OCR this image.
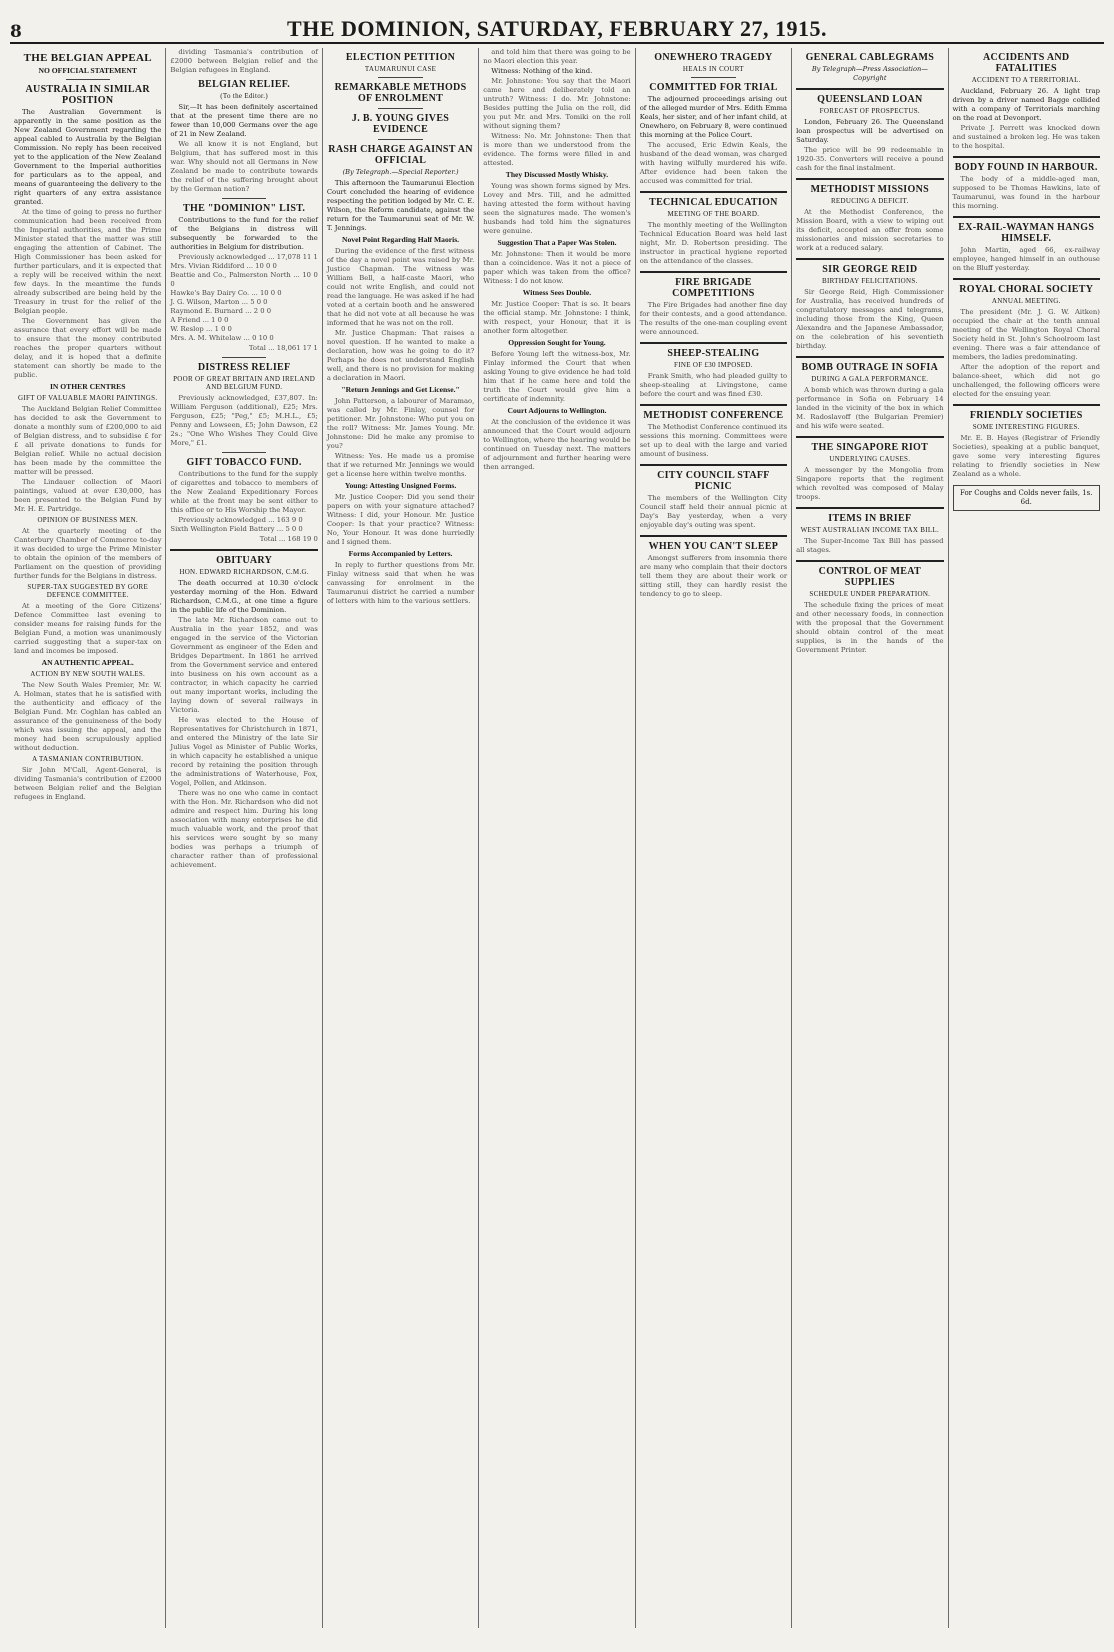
8	THE DOMINION, SATURDAY, FEBRUARY 27, 1915.
THE BELGIAN APPEAL
NO OFFICIAL STATEMENT
AUSTRALIA IN SIMILAR POSITION

The Australian Government is apparently in the same position as the New Zealand Government regarding the appeal cabled to Australia by the Belgian Commission. No reply has been received yet to the application of the New Zealand Government to the Imperial authorities for particulars as to the appeal, and means of guaranteeing the delivery to the right quarters of any extra assistance granted.

At the time of going to press no further communication had been received from the Imperial authorities, and the Prime Minister stated that the matter was still engaging the attention of Cabinet. The High Commissioner has been asked for further particulars, and it is expected that a reply will be received within the next few days. In the meantime the funds already subscribed are being held by the Treasury in trust for the relief of the Belgian people.

The Government has given the assurance that every effort will be made to ensure that the money contributed reaches the proper quarters without delay, and it is hoped that a definite statement can shortly be made to the public.

IN OTHER CENTRES
GIFT OF VALUABLE MAORI PAINTINGS.

The Auckland Belgian Relief Committee has decided to ask the Government to donate a monthly sum of £200,000 to aid of Belgian distress, and to subsidise £ for £ all private donations to funds for Belgian relief. While no actual decision has been made by the committee the matter will be pressed.

The Lindauer collection of Maori paintings, valued at over £30,000, has been presented to the Belgian Fund by Mr. H. E. Partridge.

OPINION OF BUSINESS MEN.

At the quarterly meeting of the Canterbury Chamber of Commerce to-day it was decided to urge the Prime Minister to obtain the opinion of the members of Parliament on the question of providing further funds for the Belgians in distress.

SUPER-TAX SUGGESTED BY GORE DEFENCE COMMITTEE.

At a meeting of the Gore Citizens' Defence Committee last evening to consider means for raising funds for the Belgian Fund, a motion was unanimously carried suggesting that a super-tax on land and incomes be imposed.

AN AUTHENTIC APPEAL.
ACTION BY NEW SOUTH WALES.

The New South Wales Premier, Mr. W. A. Holman, states that he is satisfied with the authenticity and efficacy of the Belgian Fund. Mr. Coghlan has cabled an assurance of the genuineness of the body which was issuing the appeal, and the money had been scrupulously applied without deduction.

A TASMANIAN CONTRIBUTION.

Sir John M'Call, Agent-General, is dividing Tasmania's contribution of £2000 between Belgian relief and the Belgian refugees in England.

dividing Tasmania's contribution of £2000 between Belgian relief and the Belgian refugees in England.

BELGIAN RELIEF.
(To the Editor.)

Sir,—It has been definitely ascertained that at the present time there are no fewer than 10,000 Germans over the age of 21 in New Zealand.

We all know it is not England, but Belgium, that has suffered most in this war. Why should not all Germans in New Zealand be made to contribute towards the relief of the suffering brought about by the German nation?

THE "DOMINION" LIST.

Contributions to the fund for the relief of the Belgians in distress will subsequently be forwarded to the authorities in Belgium for distribution.

Previously acknowledged ... 17,078 11 1
Mrs. Vivian Riddiford ... 10 0 0
Beattie and Co., Palmerston North ... 10 0 0
Hawke's Bay Dairy Co. ... 10 0 0
J. G. Wilson, Marton ... 5 0 0
Raymond E. Burnard ... 2 0 0
A Friend ... 1 0 0
W. Reslop ... 1 0 0
Mrs. A. M. Whitelaw ... 0 10 0

Total ... 18,061 17 1

DISTRESS RELIEF
POOR OF GREAT BRITAIN AND IRELAND AND BELGIUM FUND.

Previously acknowledged, £37,807. In: William Ferguson (additional), £25; Mrs. Ferguson, £25; "Peg," £5; M.H.L., £5; Penny and Lowseen, £5; John Dawson, £2 2s.; "One Who Wishes They Could Give More," £1.

GIFT TOBACCO FUND.

Contributions to the fund for the supply of cigarettes and tobacco to members of the New Zealand Expeditionary Forces while at the front may be sent either to this office or to His Worship the Mayor.

Previously acknowledged ... 163 9 0
Sixth Wellington Field Battery ... 5 0 0

Total ... 168 19 0

OBITUARY
HON. EDWARD RICHARDSON, C.M.G.

The death occurred at 10.30 o'clock yesterday morning of the Hon. Edward Richardson, C.M.G., at one time a figure in the public life of the Dominion.

The late Mr. Richardson came out to Australia in the year 1852, and was engaged in the service of the Victorian Government as engineer of the Eden and Bridges Department. In 1861 he arrived from the Government service and entered into business on his own account as a contractor, in which capacity he carried out many important works, including the laying down of several railways in Victoria.

He was elected to the House of Representatives for Christchurch in 1871, and entered the Ministry of the late Sir Julius Vogel as Minister of Public Works, in which capacity he established a unique record by retaining the position through the administrations of Waterhouse, Fox, Vogel, Pollen, and Atkinson.

There was no one who came in contact with the Hon. Mr. Richardson who did not admire and respect him. During his long association with many enterprises he did much valuable work, and the proof that his services were sought by so many bodies was perhaps a triumph of character rather than of professional achievement.

ELECTION PETITION
TAUMARUNUI CASE
REMARKABLE METHODS OF ENROLMENT
J. B. YOUNG GIVES EVIDENCE
RASH CHARGE AGAINST AN OFFICIAL
(By Telegraph.—Special Reporter.)

This afternoon the Taumarunui Election Court concluded the hearing of evidence respecting the petition lodged by Mr. C. E. Wilson, the Reform candidate, against the return for the Taumarunui seat of Mr. W. T. Jennings.

Novel Point Regarding Half Maoris.

During the evidence of the first witness of the day a novel point was raised by Mr. Justice Chapman. The witness was William Bell, a half-caste Maori, who could not write English, and could not read the language. He was asked if he had voted at a certain booth and he answered that he did not vote at all because he was informed that he was not on the roll.

Mr. Justice Chapman: That raises a novel question. If he wanted to make a declaration, how was he going to do it? Perhaps he does not understand English well, and there is no provision for making a declaration in Maori.

"Return Jennings and Get License."

John Patterson, a labourer of Maramao, was called by Mr. Finlay, counsel for petitioner. Mr. Johnstone: Who put you on the roll? Witness: Mr. James Young. Mr. Johnstone: Did he make any promise to you?

Witness: Yes. He made us a promise that if we returned Mr. Jennings we would get a license here within twelve months.

Young: Attesting Unsigned Forms.

Mr. Justice Cooper: Did you send their papers on with your signature attached? Witness: I did, your Honour. Mr. Justice Cooper: Is that your practice? Witness: No, Your Honour. It was done hurriedly and I signed them.

Forms Accompanied by Letters.

In reply to further questions from Mr. Finlay witness said that when he was canvassing for enrolment in the Taumarunui district he carried a number of letters with him to the various settlers.

and told him that there was going to be no Maori election this year.

Witness: Nothing of the kind.

Mr. Johnstone: You say that the Maori came here and deliberately told an untruth? Witness: I do. Mr. Johnstone: Besides putting the Julia on the roll, did you put Mr. and Mrs. Tomiki on the roll without signing them?

Witness: No. Mr. Johnstone: Then that is more than we understood from the evidence. The forms were filled in and attested.

They Discussed Mostly Whisky.

Young was shown forms signed by Mrs. Lovey and Mrs. Till, and he admitted having attested the form without having seen the signatures made. The women's husbands had told him the signatures were genuine.

Suggestion That a Paper Was Stolen.

Mr. Johnstone: Then it would be more than a coincidence. Was it not a piece of paper which was taken from the office? Witness: I do not know.

Witness Sees Double.

Mr. Justice Cooper: That is so. It bears the official stamp. Mr. Johnstone: I think, with respect, your Honour, that it is another form altogether.

Oppression Sought for Young.

Before Young left the witness-box, Mr. Finlay informed the Court that when asking Young to give evidence he had told him that if he came here and told the truth the Court would give him a certificate of indemnity.

Court Adjourns to Wellington.

At the conclusion of the evidence it was announced that the Court would adjourn to Wellington, where the hearing would be continued on Tuesday next. The matters of adjournment and further hearing were then arranged.

ONEWHERO TRAGEDY
HEALS IN COURT
COMMITTED FOR TRIAL

The adjourned proceedings arising out of the alleged murder of Mrs. Edith Emma Keals, her sister, and of her infant child, at Onewhero, on February 8, were continued this morning at the Police Court.

The accused, Eric Edwin Keals, the husband of the dead woman, was charged with having wilfully murdered his wife. After evidence had been taken the accused was committed for trial.

TECHNICAL EDUCATION
MEETING OF THE BOARD.

The monthly meeting of the Wellington Technical Education Board was held last night, Mr. D. Robertson presiding. The instructor in practical hygiene reported on the attendance of the classes.

FIRE BRIGADE COMPETITIONS

The Fire Brigades had another fine day for their contests, and a good attendance. The results of the one-man coupling event were announced.

SHEEP-STEALING
FINE OF £30 IMPOSED.

Frank Smith, who had pleaded guilty to sheep-stealing at Livingstone, came before the court and was fined £30.

METHODIST CONFERENCE

The Methodist Conference continued its sessions this morning. Committees were set up to deal with the large and varied amount of business.

CITY COUNCIL STAFF PICNIC

The members of the Wellington City Council staff held their annual picnic at Day's Bay yesterday, when a very enjoyable day's outing was spent.

WHEN YOU CAN'T SLEEP

Amongst sufferers from insomnia there are many who complain that their doctors tell them they are about their work or sitting still, they can hardly resist the tendency to go to sleep.

GENERAL CABLEGRAMS
By Telegraph—Press Association—Copyright
QUEENSLAND LOAN
FORECAST OF PROSPECTUS.

London, February 26. The Queensland loan prospectus will be advertised on Saturday.

The price will be 99 redeemable in 1920-35. Converters will receive a pound cash for the final instalment.

METHODIST MISSIONS
REDUCING A DEFICIT.

At the Methodist Conference, the Mission Board, with a view to wiping out its deficit, accepted an offer from some missionaries and mission secretaries to work at a reduced salary.

SIR GEORGE REID
BIRTHDAY FELICITATIONS.

Sir George Reid, High Commissioner for Australia, has received hundreds of congratulatory messages and telegrams, including those from the King, Queen Alexandra and the Japanese Ambassador, on the celebration of his seventieth birthday.

BOMB OUTRAGE IN SOFIA
DURING A GALA PERFORMANCE.

A bomb which was thrown during a gala performance in Sofia on February 14 landed in the vicinity of the box in which M. Radoslavoff (the Bulgarian Premier) and his wife were seated.

THE SINGAPORE RIOT
UNDERLYING CAUSES.

A messenger by the Mongolia from Singapore reports that the regiment which revolted was composed of Malay troops.

ITEMS IN BRIEF
WEST AUSTRALIAN INCOME TAX BILL.

The Super-Income Tax Bill has passed all stages.

CONTROL OF MEAT SUPPLIES
SCHEDULE UNDER PREPARATION.

The schedule fixing the prices of meat and other necessary foods, in connection with the proposal that the Government should obtain control of the meat supplies, is in the hands of the Government Printer.

ACCIDENTS AND FATALITIES
ACCIDENT TO A TERRITORIAL.

Auckland, February 26. A light trap driven by a driver named Bagge collided with a company of Territorials marching on the road at Devonport.

Private J. Perrett was knocked down and sustained a broken leg. He was taken to the hospital.

BODY FOUND IN HARBOUR.

The body of a middle-aged man, supposed to be Thomas Hawkins, late of Taumarunui, was found in the harbour this morning.

EX-RAIL-WAYMAN HANGS HIMSELF.

John Martin, aged 66, ex-railway employee, hanged himself in an outhouse on the Bluff yesterday.

ROYAL CHORAL SOCIETY
ANNUAL MEETING.

The president (Mr. J. G. W. Aitken) occupied the chair at the tenth annual meeting of the Wellington Royal Choral Society held in St. John's Schoolroom last evening. There was a fair attendance of members, the ladies predominating.

After the adoption of the report and balance-sheet, which did not go unchallenged, the following officers were elected for the ensuing year.

FRIENDLY SOCIETIES
SOME INTERESTING FIGURES.

Mr. E. B. Hayes (Registrar of Friendly Societies), speaking at a public banquet, gave some very interesting figures relating to friendly societies in New Zealand as a whole.

For Coughs and Colds never fails, 1s. 6d.
